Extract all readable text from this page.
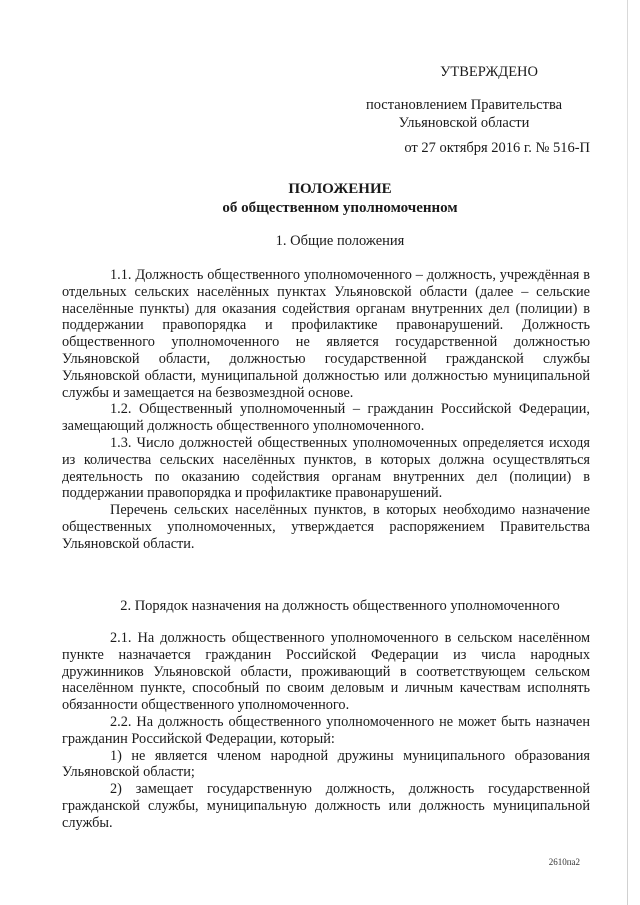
УТВЕРЖДЕНО
постановлением Правительства
Ульяновской области
от 27 октября 2016 г. № 516-П
ПОЛОЖЕНИЕ
об общественном уполномоченном
1. Общие положения

1.1. Должность общественного уполномоченного – должность, учреждённая в отдельных сельских населённых пунктах Ульяновской области (далее – сельские населённые пункты) для оказания содействия органам внутренних дел (полиции) в поддержании правопорядка и профилактике правонарушений. Должность общественного уполномоченного не является государственной должностью Ульяновской области, должностью государственной гражданской службы Ульяновской области, муниципальной должностью или должностью муниципальной службы и замещается на безвозмездной основе.

1.2. Общественный уполномоченный – гражданин Российской Федерации, замещающий должность общественного уполномоченного.

1.3. Число должностей общественных уполномоченных определяется исходя из количества сельских населённых пунктов, в которых должна осуществляться деятельность по оказанию содействия органам внутренних дел (полиции) в поддержании правопорядка и профилактике правонарушений.

Перечень сельских населённых пунктов, в которых необходимо назначение общественных уполномоченных, утверждается распоряжением Правительства Ульяновской области.

2. Порядок назначения на должность общественного уполномоченного

2.1. На должность общественного уполномоченного в сельском населённом пункте назначается гражданин Российской Федерации из числа народных дружинников Ульяновской области, проживающий в соответствующем сельском населённом пункте, способный по своим деловым и личным качествам исполнять обязанности общественного уполномоченного.

2.2. На должность общественного уполномоченного не может быть назначен гражданин Российской Федерации, который:

1) не является членом народной дружины муниципального образования Ульяновской области;

2) замещает государственную должность, должность государственной гражданской службы, муниципальную должность или должность муниципальной службы.

2610па2
